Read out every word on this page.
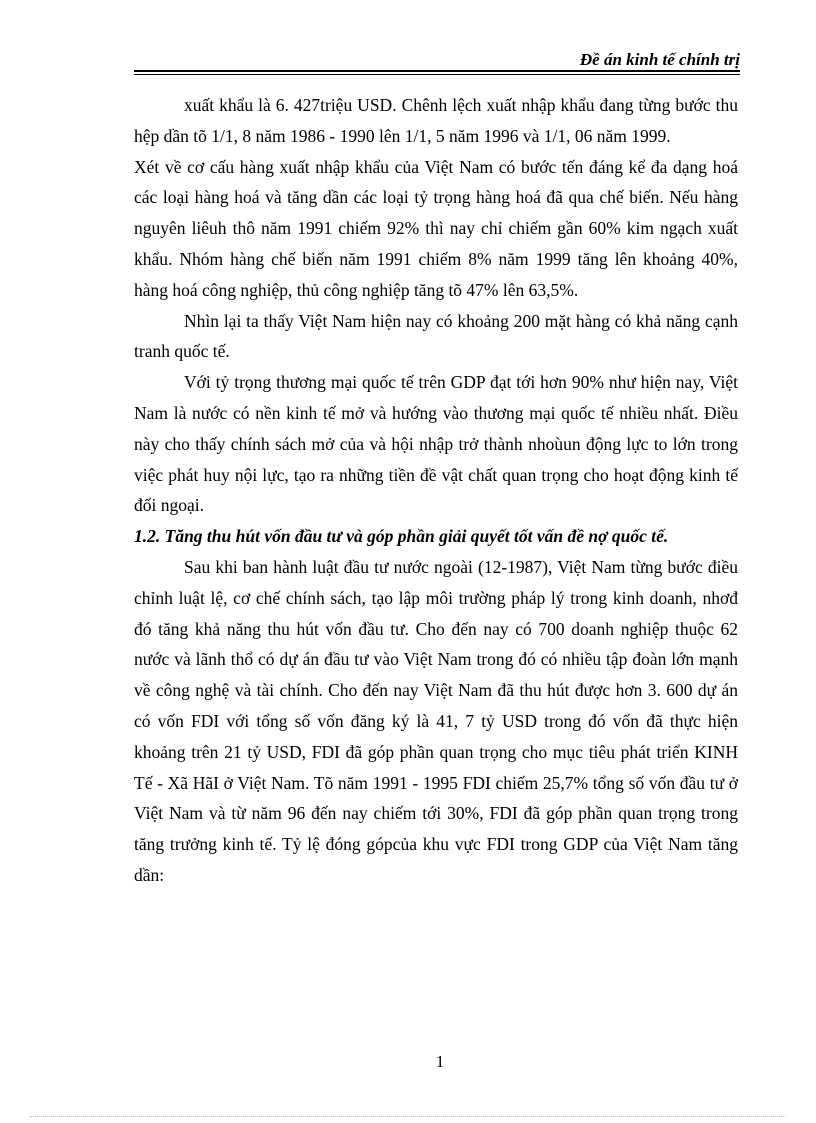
Đề án kinh tế chính trị

xuất khẩu là 6. 427triệu USD. Chênh lệch xuất nhập khẩu đang từng bước thu hệp dần tõ 1/1, 8 năm 1986 - 1990 lên 1/1, 5 năm 1996 và 1/1, 06 năm 1999.

Xét về cơ cấu hàng xuất nhập khẩu của Việt Nam có bước tến đáng kể đa dạng hoá các loại hàng hoá và tăng dần các loại tỷ trọng hàng hoá đã qua chế biến. Nếu hàng nguyên liêuh thô năm 1991 chiếm 92% thì nay chỉ chiếm gần 60% kim ngạch xuất khẩu. Nhóm hàng chế biến năm 1991 chiếm 8% năm 1999 tăng lên khoảng 40%, hàng hoá công nghiệp, thủ công nghiệp tăng tõ 47% lên 63,5%.

Nhìn lại ta thấy Việt Nam hiện nay có khoảng 200 mặt hàng có khả năng cạnh tranh quốc tế.

Với tỷ trọng thương mại quốc tế trên GDP đạt tới hơn 90% như hiện nay, Việt Nam là nước có nền kinh tế mở và hướng vào thương mại quốc tế nhiều nhất. Điều này cho thấy chính sách mở của và hội nhập trở thành nhoùun động lực to lớn trong việc phát huy nội lực, tạo ra những tiền đề vật chất quan trọng cho hoạt động kinh tế đối ngoại.

1.2. Tăng thu hút vốn đầu tư và góp phần giải quyết tốt vấn đề nợ quốc tế.

Sau khi ban hành luật đầu tư nước ngoài (12-1987), Việt Nam từng bước điều chỉnh luật lệ, cơ chế chính sách, tạo lập môi trường pháp lý trong kinh doanh, nhơđ đó tăng khả năng thu hút vốn đầu tư. Cho đến nay có 700 doanh nghiệp thuộc 62 nước và lãnh thổ có dự án đầu tư vào Việt Nam trong đó có nhiều tập đoàn lớn mạnh về công nghệ và tài chính. Cho đến nay Việt Nam đã thu hút được hơn 3. 600 dự án có vốn FDI với tổng số vốn đăng ký là 41, 7 tỷ USD trong đó vốn đã thực hiện khoảng trên 21 tỷ USD, FDI đã góp phần quan trọng cho mục tiêu phát triển KINH Tế - Xã HãI ở Việt Nam. Tõ năm 1991 - 1995 FDI chiếm 25,7% tổng số vốn đầu tư ở Việt Nam và từ năm 96 đến nay chiếm tới 30%, FDI đã góp phần quan trọng trong tăng trưởng kinh tế. Tỷ lệ đóng gópcủa khu vực FDI trong GDP của Việt Nam tăng dần:

1
